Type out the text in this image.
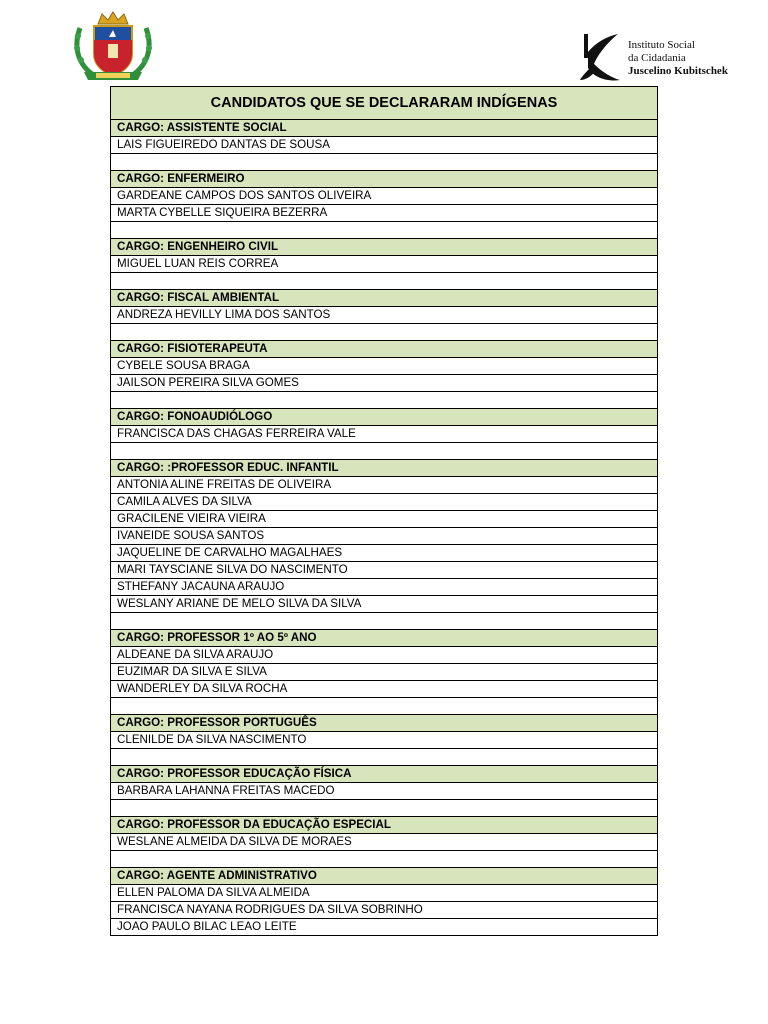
Instituto Social
da Cidadania
Juscelino Kubitschek
CANDIDATOS QUE SE DECLARARAM INDÍGENAS
CARGO: ASSISTENTE SOCIAL
LAIS FIGUEIREDO DANTAS DE SOUSA

CARGO: ENFERMEIRO
GARDEANE CAMPOS DOS SANTOS OLIVEIRA
MARTA CYBELLE SIQUEIRA BEZERRA

CARGO: ENGENHEIRO CIVIL
MIGUEL LUAN REIS CORREA

CARGO: FISCAL AMBIENTAL
ANDREZA HEVILLY LIMA DOS SANTOS

CARGO: FISIOTERAPEUTA
CYBELE SOUSA BRAGA
JAILSON PEREIRA SILVA GOMES

CARGO: FONOAUDIÓLOGO
FRANCISCA DAS CHAGAS FERREIRA VALE

CARGO: :PROFESSOR EDUC. INFANTIL
ANTONIA ALINE FREITAS DE OLIVEIRA
CAMILA ALVES DA SILVA
GRACILENE VIEIRA VIEIRA
IVANEIDE SOUSA SANTOS
JAQUELINE DE CARVALHO MAGALHAES
MARI TAYSCIANE SILVA DO NASCIMENTO
STHEFANY JACAUNA ARAUJO
WESLANY ARIANE DE MELO SILVA DA SILVA

CARGO: PROFESSOR 1º AO 5º ANO
ALDEANE DA SILVA ARAUJO
EUZIMAR DA SILVA E SILVA
WANDERLEY DA SILVA ROCHA

CARGO: PROFESSOR PORTUGUÊS
CLENILDE DA SILVA NASCIMENTO

CARGO: PROFESSOR EDUCAÇÃO FÍSICA
BARBARA LAHANNA FREITAS MACEDO

CARGO: PROFESSOR DA EDUCAÇÃO ESPECIAL
WESLANE ALMEIDA DA SILVA DE MORAES

CARGO: AGENTE ADMINISTRATIVO
ELLEN PALOMA DA SILVA ALMEIDA
FRANCISCA NAYANA RODRIGUES DA SILVA SOBRINHO
JOAO PAULO BILAC LEAO LEITE
